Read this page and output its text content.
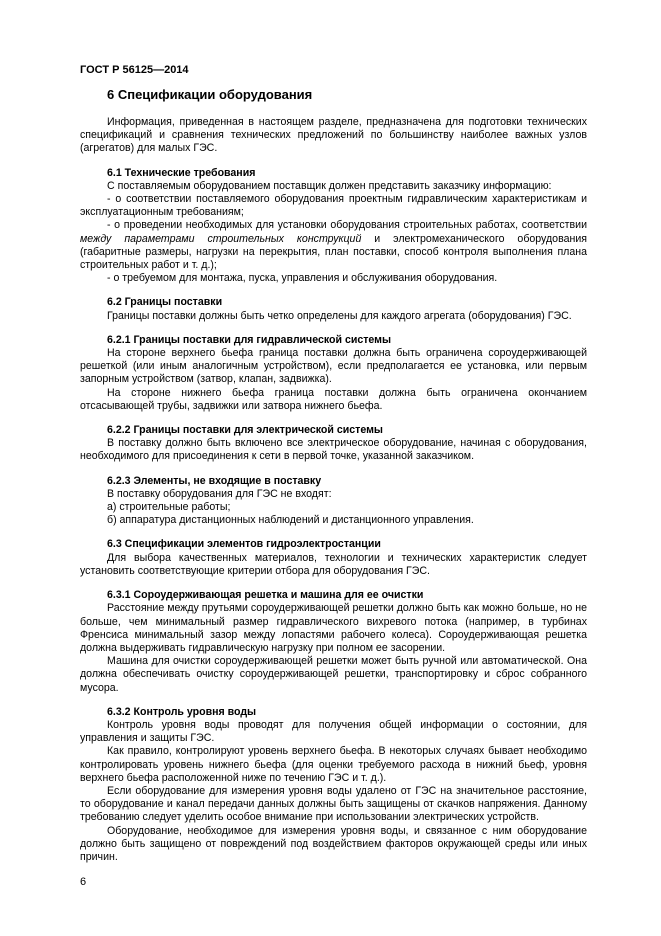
ГОСТ Р 56125—2014
6 Спецификации оборудования

Информация, приведенная в настоящем разделе, предназначена для подготовки технических спецификаций и сравнения технических предложений по большинству наиболее важных узлов (агрегатов) для малых ГЭС.

6.1 Технические требования

С поставляемым оборудованием поставщик должен представить заказчику информацию:

- о соответствии поставляемого оборудования проектным гидравлическим характеристикам и эксплуатационным требованиям;

- о проведении необходимых для установки оборудования строительных работах, соответствии между параметрами строительных конструкций и электромеханического оборудования (габаритные размеры, нагрузки на перекрытия, план поставки, способ контроля выполнения плана строительных работ и т. д.);

- о требуемом для монтажа, пуска, управления и обслуживания оборудования.

6.2 Границы поставки

Границы поставки должны быть четко определены для каждого агрегата (оборудования) ГЭС.

6.2.1 Границы поставки для гидравлической системы

На стороне верхнего бьефа граница поставки должна быть ограничена сороудерживающей решеткой (или иным аналогичным устройством), если предполагается ее установка, или первым запорным устройством (затвор, клапан, задвижка).

На стороне нижнего бьефа граница поставки должна быть ограничена окончанием отсасывающей трубы, задвижки или затвора нижнего бьефа.

6.2.2 Границы поставки для электрической системы

В поставку должно быть включено все электрическое оборудование, начиная с оборудования, необходимого для присоединения к сети в первой точке, указанной заказчиком.

6.2.3 Элементы, не входящие в поставку

В поставку оборудования для ГЭС не входят:

а) строительные работы;

б) аппаратура дистанционных наблюдений и дистанционного управления.

6.3 Спецификации элементов гидроэлектростанции

Для выбора качественных материалов, технологии и технических характеристик следует установить соответствующие критерии отбора для оборудования ГЭС.

6.3.1 Сороудерживающая решетка и машина для ее очистки

Расстояние между прутьями сороудерживающей решетки должно быть как можно больше, но не больше, чем минимальный размер гидравлического вихревого потока (например, в турбинах Френсиса минимальный зазор между лопастями рабочего колеса). Сороудерживающая решетка должна выдерживать гидравлическую нагрузку при полном ее засорении.

Машина для очистки сороудерживающей решетки может быть ручной или автоматической. Она должна обеспечивать очистку сороудерживающей решетки, транспортировку и сброс собранного мусора.

6.3.2 Контроль уровня воды

Контроль уровня воды проводят для получения общей информации о состоянии, для управления и защиты ГЭС.

Как правило, контролируют уровень верхнего бьефа. В некоторых случаях бывает необходимо контролировать уровень нижнего бьефа (для оценки требуемого расхода в нижний бьеф, уровня верхнего бьефа расположенной ниже по течению ГЭС и т. д.).

Если оборудование для измерения уровня воды удалено от ГЭС на значительное расстояние, то оборудование и канал передачи данных должны быть защищены от скачков напряжения. Данному требованию следует уделить особое внимание при использовании электрических устройств.

Оборудование, необходимое для измерения уровня воды, и связанное с ним оборудование должно быть защищено от повреждений под воздействием факторов окружающей среды или иных причин.

6
